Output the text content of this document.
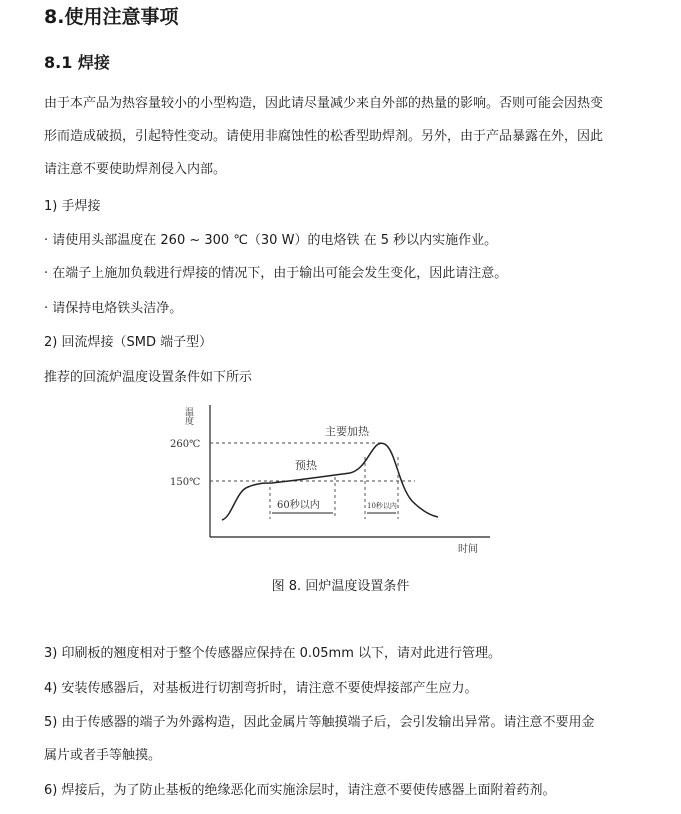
8.使用注意事项
8.1 焊接
由于本产品为热容量较小的小型构造，因此请尽量减少来自外部的热量的影响。否则可能会因热变
形而造成破损，引起特性变动。请使用非腐蚀性的松香型助焊剂。另外，由于产品暴露在外，因此
请注意不要使助焊剂侵入内部。
1) 手焊接
· 请使用头部温度在 260 ~ 300 ℃（30 W）的电烙铁 在 5 秒以内实施作业。
· 在端子上施加负载进行焊接的情况下，由于输出可能会发生变化，因此请注意。
· 请保持电烙铁头洁净。
2) 回流焊接（SMD 端子型）
推荐的回流炉温度设置条件如下所示
温度
260℃
150℃
主要加热
预热
60秒以内	10秒以内
时间
图 8. 回炉温度设置条件
3) 印刷板的翘度相对于整个传感器应保持在 0.05mm 以下，请对此进行管理。
4) 安装传感器后，对基板进行切割弯折时，请注意不要使焊接部产生应力。
5) 由于传感器的端子为外露构造，因此金属片等触摸端子后，会引发输出异常。请注意不要用金
属片或者手等触摸。
6) 焊接后，为了防止基板的绝缘恶化而实施涂层时，请注意不要使传感器上面附着药剂。
